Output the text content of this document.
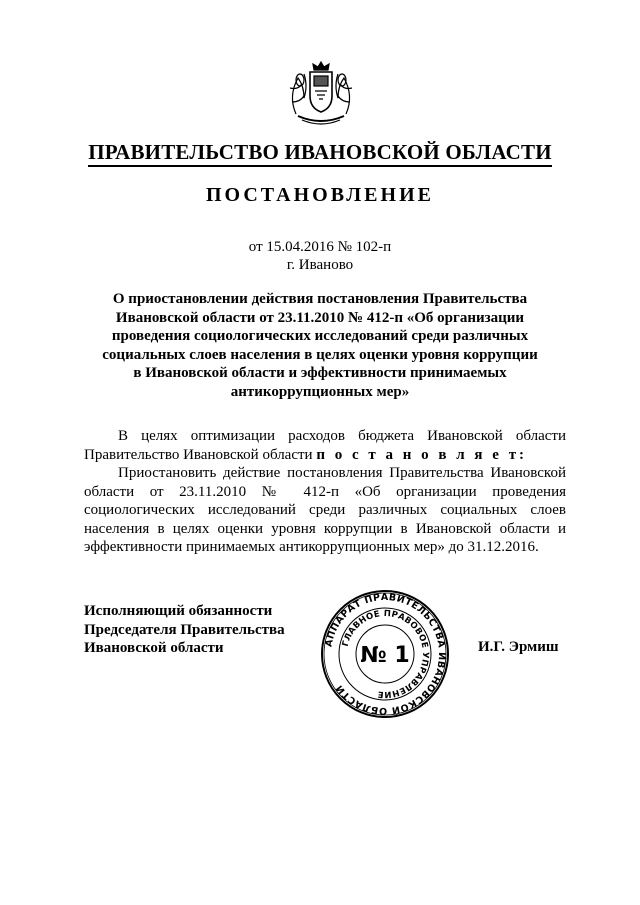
ПРАВИТЕЛЬСТВО ИВАНОВСКОЙ ОБЛАСТИ
ПОСТАНОВЛЕНИЕ
от 15.04.2016 № 102-п
г. Иваново
О приостановлении действия постановления Правительства
Ивановской области от 23.11.2010 № 412-п «Об организации
проведения социологических исследований среди различных
социальных слоев населения в целях оценки уровня коррупции
в Ивановской области и эффективности принимаемых
антикоррупционных мер»

В целях оптимизации расходов бюджета Ивановской области Правительство Ивановской области п о с т а н о в л я е т:

Приостановить действие постановления Правительства Ивановской области от 23.11.2010 № 412-п «Об организации проведения социологических исследований среди различных социальных слоев населения в целях оценки уровня коррупции в Ивановской области и эффективности принимаемых антикоррупционных мер» до 31.12.2016.

Исполняющий обязанности
Председателя Правительства
Ивановской области	И.Г. Эрмиш
АППАРАТ ПРАВИТЕЛЬСТВА ИВАНОВСКОЙ ОБЛАСТИ
ГЛАВНОЕ ПРАВОВОЕ УПРАВЛЕНИЕ
№ 1
